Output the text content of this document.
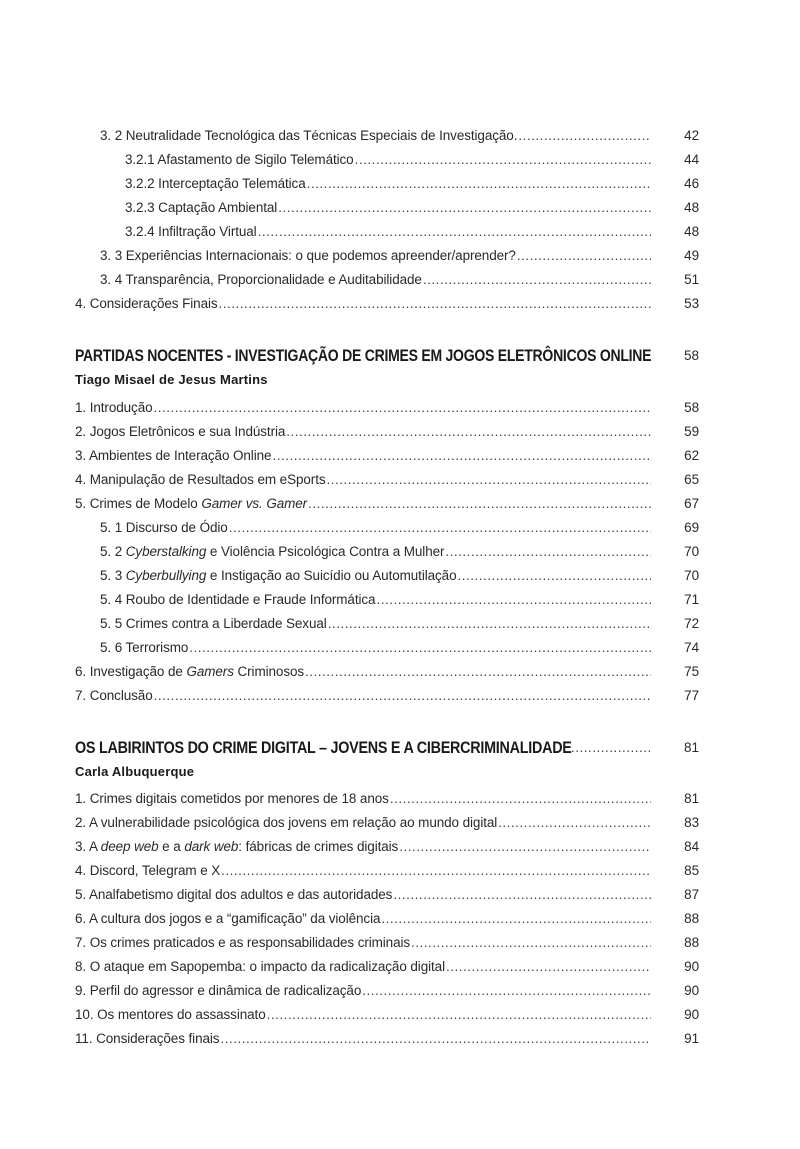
3. 2 Neutralidade Tecnológica das Técnicas Especiais de Investigação. .....	42
3.2.1 Afastamento de Sigilo Telemático .....	44
3.2.2 Interceptação Telemática .....	46
3.2.3 Captação Ambiental .....	48
3.2.4 Infiltração Virtual .....	48
3. 3 Experiências Internacionais: o que podemos apreender/aprender? .....	49
3. 4 Transparência, Proporcionalidade e Auditabilidade .....	51
4. Considerações Finais .....	53
PARTIDAS NOCENTES - INVESTIGAÇÃO DE CRIMES EM JOGOS ELETRÔNICOS ONLINE	58
Tiago Misael de Jesus Martins
1. Introdução .....	58
2. Jogos Eletrônicos e sua Indústria .....	59
3. Ambientes de Interação Online .....	62
4. Manipulação de Resultados em eSports .....	65
5. Crimes de Modelo Gamer vs. Gamer .....	67
5. 1 Discurso de Ódio .....	69
5. 2 Cyberstalking e Violência Psicológica Contra a Mulher .....	70
5. 3 Cyberbullying e Instigação ao Suicídio ou Automutilação .....	70
5. 4 Roubo de Identidade e Fraude Informática .....	71
5. 5 Crimes contra a Liberdade Sexual .....	72
5. 6 Terrorismo .....	74
6. Investigação de Gamers Criminosos .....	75
7. Conclusão .....	77
OS LABIRINTOS DO CRIME DIGITAL – JOVENS E A CIBERCRIMINALIDADE .....	81
Carla Albuquerque
1. Crimes digitais cometidos por menores de 18 anos .....	81
2. A vulnerabilidade psicológica dos jovens em relação ao mundo digital .....	83
3. A deep web e a dark web: fábricas de crimes digitais .....	84
4. Discord, Telegram e X .....	85
5. Analfabetismo digital dos adultos e das autoridades .....	87
6. A cultura dos jogos e a “gamificação” da violência .....	88
7. Os crimes praticados e as responsabilidades criminais .....	88
8. O ataque em Sapopemba: o impacto da radicalização digital .....	90
9. Perfil do agressor e dinâmica de radicalização .....	90
10. Os mentores do assassinato .....	90
11. Considerações finais .....	91
